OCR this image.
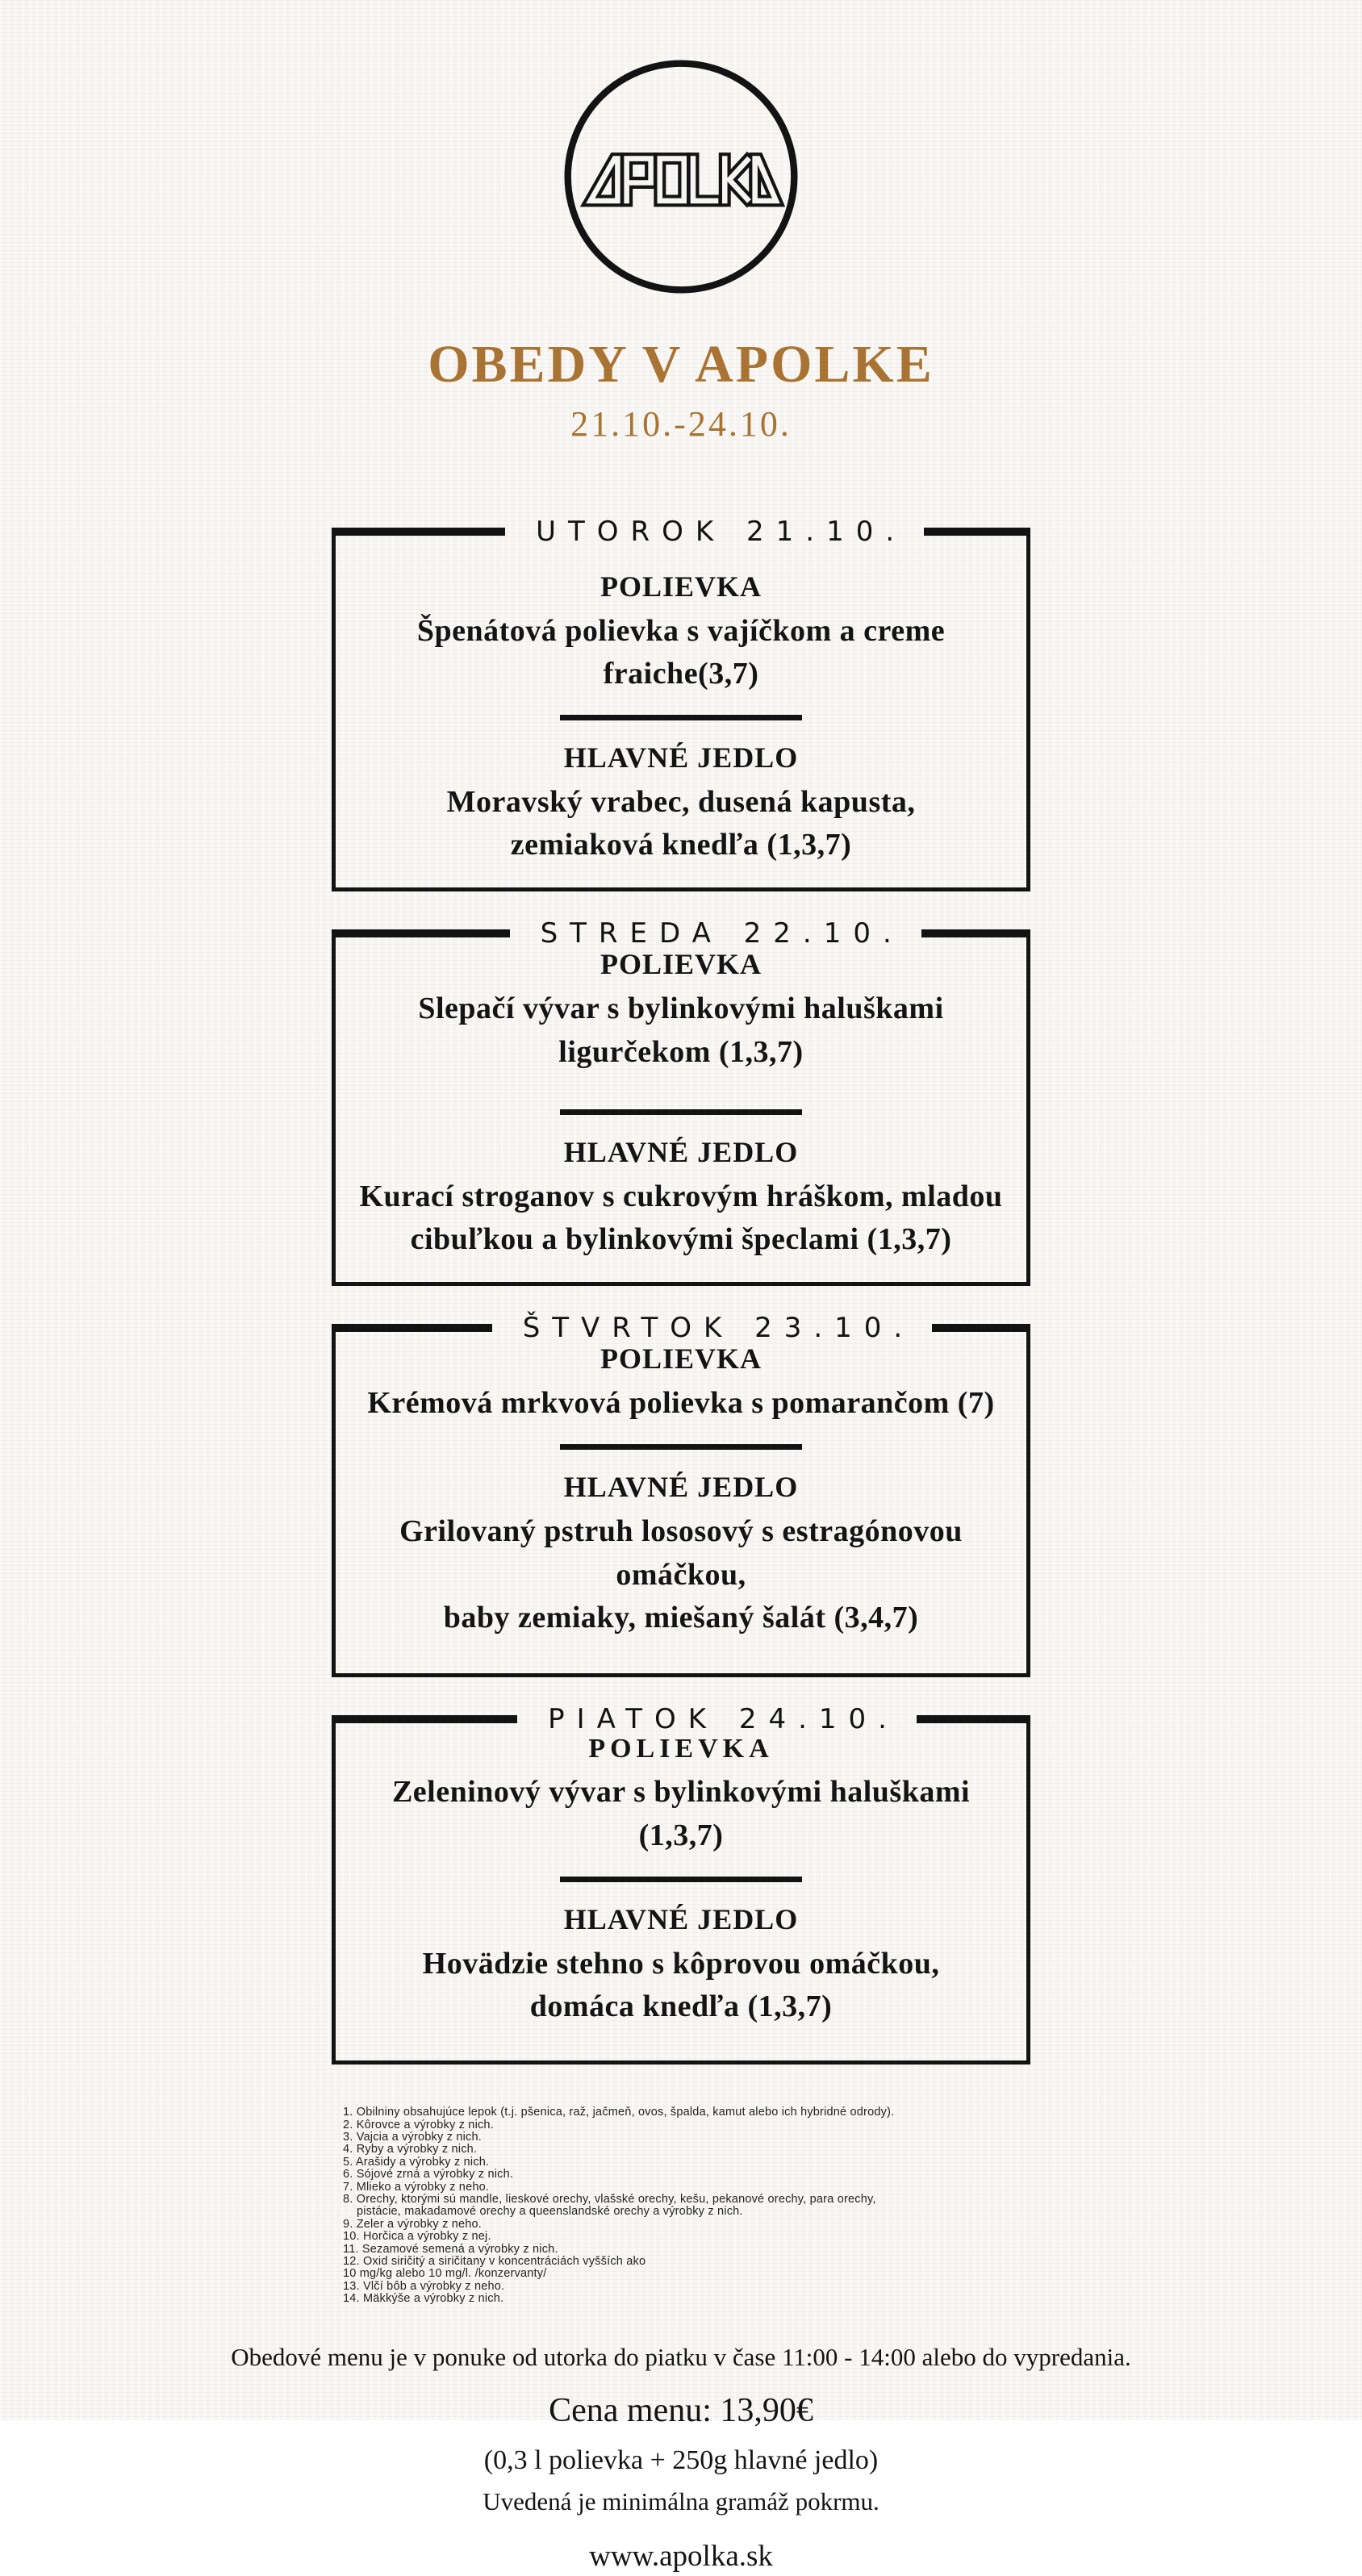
OBEDY V APOLKE
21.10.-24.10.
UTOROK 21.10.
POLIEVKA
Špenátová polievka s vajíčkom a creme fraiche(3,7)
HLAVNÉ JEDLO
Moravský vrabec, dusená kapusta,
zemiaková knedľa (1,3,7)
STREDA 22.10.
POLIEVKA
Slepačí vývar s bylinkovými haluškami ligurčekom (1,3,7)
HLAVNÉ JEDLO
Kurací stroganov s cukrovým hráškom, mladou
cibuľkou a bylinkovými špeclami (1,3,7)
ŠTVRTOK 23.10.
POLIEVKA
Krémová mrkvová polievka s pomarančom (7)
HLAVNÉ JEDLO
Grilovaný pstruh lososový s estragónovou omáčkou,
baby zemiaky, miešaný šalát (3,4,7)
PIATOK 24.10.
POLIEVKA
Zeleninový vývar s bylinkovými haluškami (1,3,7)
HLAVNÉ JEDLO
Hovädzie stehno s kôprovou omáčkou,
domáca knedľa (1,3,7)
1. Obilniny obsahujúce lepok (t.j. pšenica, raž, jačmeň, ovos, špalda, kamut alebo ich hybridné odrody).
2. Kôrovce a výrobky z nich.
3. Vajcia a výrobky z nich.
4. Ryby a výrobky z nich.
5. Arašidy a výrobky z nich.
6. Sójové zrná a výrobky z nich.
7. Mlieko a výrobky z neho.
8. Orechy, ktorými sú mandle, lieskové orechy, vlašské orechy, kešu, pekanové orechy, para orechy,
pistácie, makadamové orechy a queenslandské orechy a výrobky z nich.
9. Zeler a výrobky z neho.
10. Horčica a výrobky z nej.
11. Sezamové semená a výrobky z nich.
12. Oxid siričitý a siričitany v koncentráciách vyšších ako
10 mg/kg alebo 10 mg/l. /konzervanty/
13. Vlčí bôb a výrobky z neho.
14. Mäkkýše a výrobky z nich.
Obedové menu je v ponuke od utorka do piatku v čase 11:00 - 14:00 alebo do vypredania.
Cena menu: 13,90€
(0,3 l polievka + 250g hlavné jedlo)
Uvedená je minimálna gramáž pokrmu.
www.apolka.sk
